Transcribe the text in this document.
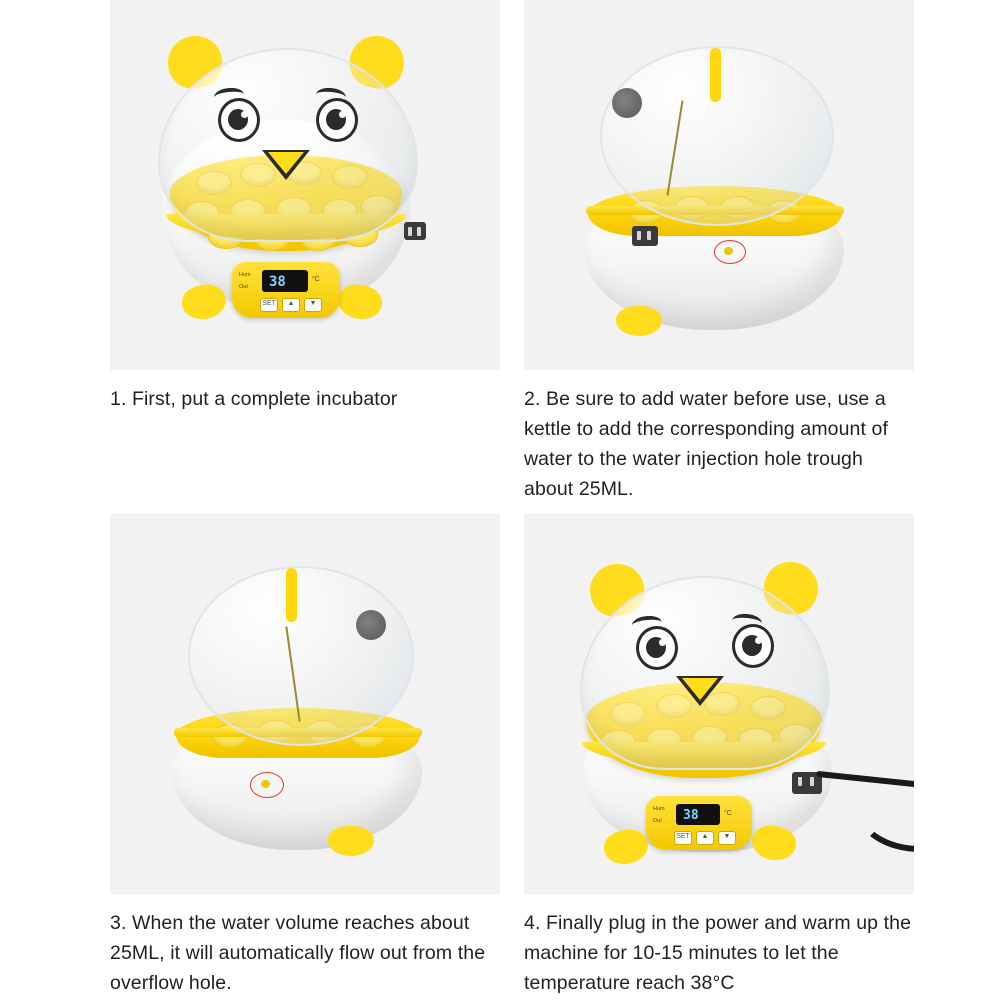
Hum
Out 38	°C
SET	▲	▼
1. First, put a complete incubator	2. Be sure to add water before use, use a kettle to add the corresponding amount of water to the water injection hole trough about 25ML.
3. When the water volume reaches about 25ML, it will automatically flow out from the overflow hole.
Hum
Out 38	°C
SET	▲	▼
4. Finally plug in the power and warm up the machine for 10-15 minutes to let the temperature reach 38°C
